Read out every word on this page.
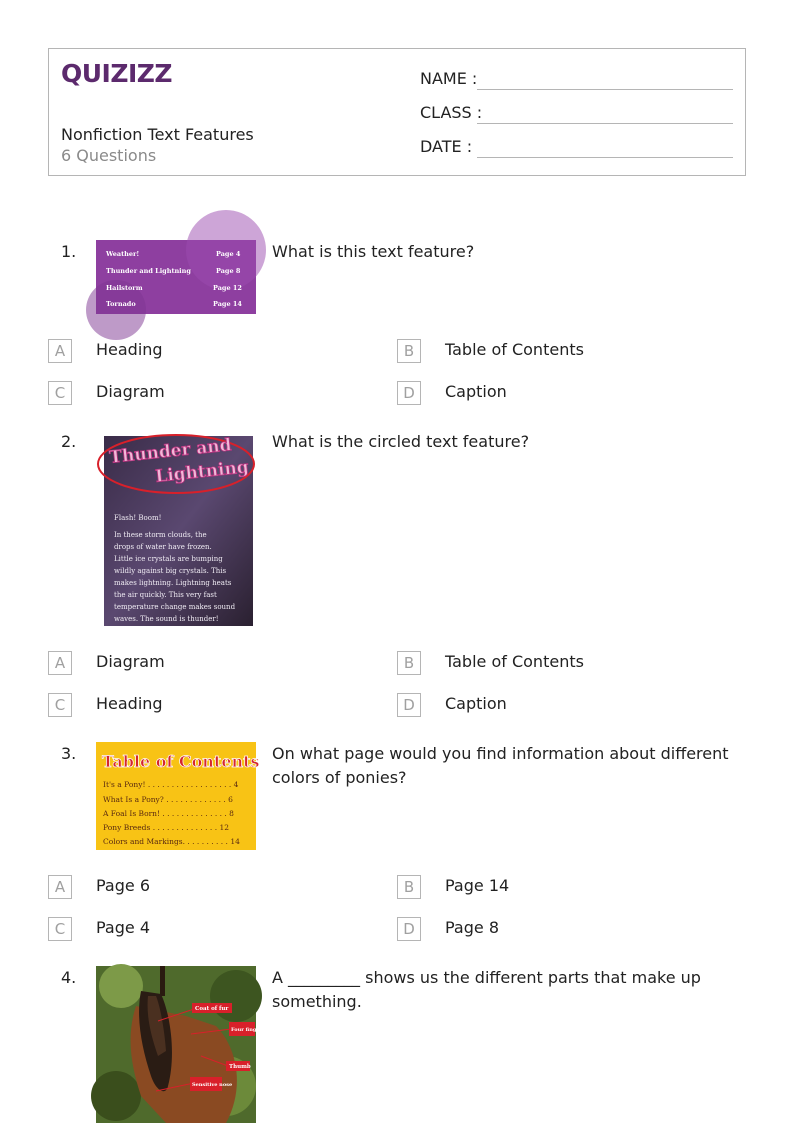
QUIZIZZ
Nonfiction Text Features
6 Questions
NAME :
CLASS :
DATE :
1.	Weather!	Page 4
Thunder and Lightning	Page 8
Hailstorm	Page 12
Tornado	Page 14
What is this text feature?
A	Heading	B	Table of Contents
C	Diagram	D	Caption
2. Thunder and
Lightning
Flash! Boom!
In these storm clouds, the
drops of water have frozen.
Little ice crystals are bumping
wildly against big crystals. This
makes lightning. Lightning heats
the air quickly. This very fast
temperature change makes sound
waves. The sound is thunder!
What is the circled text feature?
A	Diagram	B	Table of Contents
C	Heading	D	Caption
3. Table of Contents
It's a Pony! . . . . . . . . . . . . . . . . . . 4
What Is a Pony? . . . . . . . . . . . . . 6
A Foal Is Born! . . . . . . . . . . . . . . 8
Pony Breeds . . . . . . . . . . . . . . 12
Colors and Markings. . . . . . . . . . 14
On what page would you find information about different colors of ponies?
A	Page 6	B	Page 14
C	Page 4	D	Page 8
4.
Coat of fur
Four fingers
Thumb
Sensitive nose
A _________ shows us the different parts that make up something.
